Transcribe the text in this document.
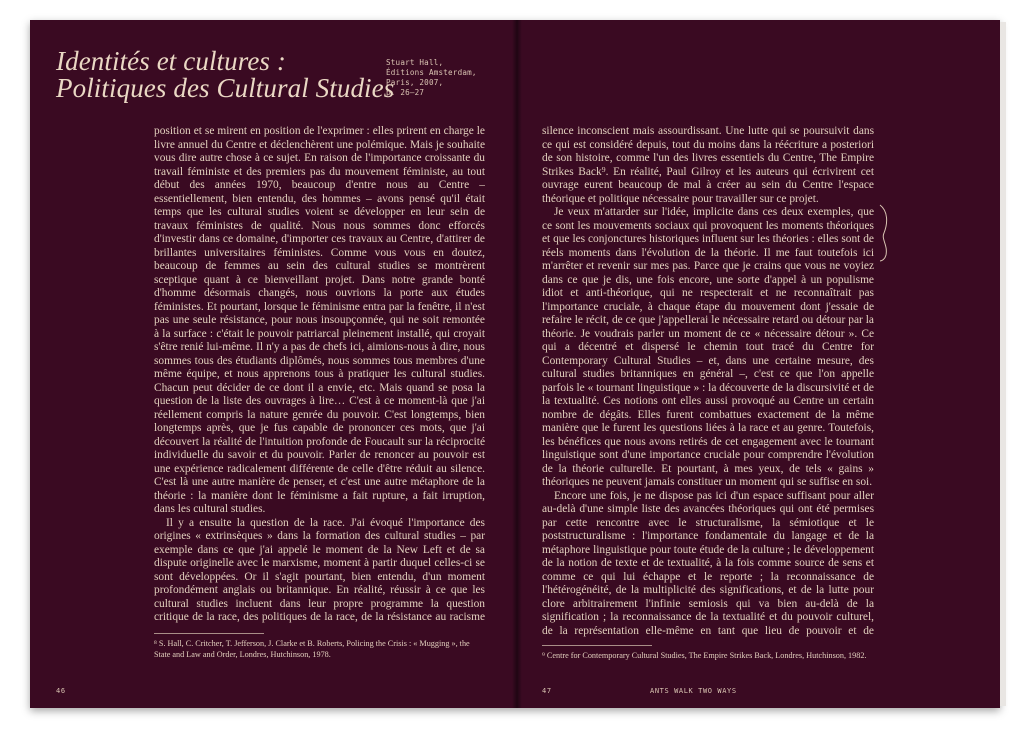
Identités et cultures :
Politiques des Cultural Studies
Stuart Hall,
Éditions Amsterdam,
Paris, 2007,
p. 26–27

position et se mirent en position de l'exprimer : elles prirent en charge le livre annuel du Centre et déclenchèrent une polémique. Mais je souhaite vous dire autre chose à ce sujet. En raison de l'importance croissante du travail féministe et des premiers pas du mouvement féministe, au tout début des années 1970, beaucoup d'entre nous au Centre – essentiellement, bien entendu, des hommes – avons pensé qu'il était temps que les cultural studies voient se développer en leur sein de travaux féministes de qualité. Nous nous sommes donc efforcés d'investir dans ce domaine, d'importer ces travaux au Centre, d'attirer de brillantes universitaires féministes. Comme vous vous en doutez, beaucoup de femmes au sein des cultural studies se montrèrent sceptique quant à ce bienveillant projet. Dans notre grande bonté d'homme désormais changés, nous ouvrions la porte aux études féministes. Et pourtant, lorsque le féminisme entra par la fenêtre, il n'est pas une seule résistance, pour nous insoupçonnée, qui ne soit remontée à la surface : c'était le pouvoir patriarcal pleinement installé, qui croyait s'être renié lui-même. Il n'y a pas de chefs ici, aimions-nous à dire, nous sommes tous des étudiants diplômés, nous sommes tous membres d'une même équipe, et nous apprenons tous à pratiquer les cultural studies. Chacun peut décider de ce dont il a envie, etc. Mais quand se posa la question de la liste des ouvrages à lire… C'est à ce moment-là que j'ai réellement compris la nature genrée du pouvoir. C'est longtemps, bien longtemps après, que je fus capable de prononcer ces mots, que j'ai découvert la réalité de l'intuition profonde de Foucault sur la réciprocité individuelle du savoir et du pouvoir. Parler de renoncer au pouvoir est une expérience radicalement différente de celle d'être réduit au silence. C'est là une autre manière de penser, et c'est une autre métaphore de la théorie : la manière dont le féminisme a fait rupture, a fait irruption, dans les cultural studies.

Il y a ensuite la question de la race. J'ai évoqué l'importance des origines « extrinsèques » dans la formation des cultural studies – par exemple dans ce que j'ai appelé le moment de la New Left et de sa dispute originelle avec le marxisme, moment à partir duquel celles-ci se sont développées. Or il s'agit pourtant, bien entendu, d'un moment profondément anglais ou britannique. En réalité, réussir à ce que les cultural studies incluent dans leur propre programme la question critique de la race, des politiques de la race, de la résistance au racisme

⁸ S. Hall, C. Critcher, T. Jefferson, J. Clarke et B. Roberts, Policing the Crisis : « Mugging », the State and Law and Order, Londres, Hutchinson, 1978.
46

silence inconscient mais assourdissant. Une lutte qui se poursuivit dans ce qui est considéré depuis, tout du moins dans la réécriture a posteriori de son histoire, comme l'un des livres essentiels du Centre, The Empire Strikes Back⁹. En réalité, Paul Gilroy et les auteurs qui écrivirent cet ouvrage eurent beaucoup de mal à créer au sein du Centre l'espace théorique et politique nécessaire pour travailler sur ce projet.

Je veux m'attarder sur l'idée, implicite dans ces deux exemples, que ce sont les mouvements sociaux qui provoquent les moments théoriques et que les conjonctures historiques influent sur les théories : elles sont de réels moments dans l'évolution de la théorie. Il me faut toutefois ici m'arrêter et revenir sur mes pas. Parce que je crains que vous ne voyiez dans ce que je dis, une fois encore, une sorte d'appel à un populisme idiot et anti-théorique, qui ne respecterait et ne reconnaîtrait pas l'importance cruciale, à chaque étape du mouvement dont j'essaie de refaire le récit, de ce que j'appellerai le nécessaire retard ou détour par la théorie. Je voudrais parler un moment de ce « nécessaire détour ». Ce qui a décentré et dispersé le chemin tout tracé du Centre for Contemporary Cultural Studies – et, dans une certaine mesure, des cultural studies britanniques en général –, c'est ce que l'on appelle parfois le « tournant linguistique » : la découverte de la discursivité et de la textualité. Ces notions ont elles aussi provoqué au Centre un certain nombre de dégâts. Elles furent combattues exactement de la même manière que le furent les questions liées à la race et au genre. Toutefois, les bénéfices que nous avons retirés de cet engagement avec le tournant linguistique sont d'une importance cruciale pour comprendre l'évolution de la théorie culturelle. Et pourtant, à mes yeux, de tels « gains » théoriques ne peuvent jamais constituer un moment qui se suffise en soi.

Encore une fois, je ne dispose pas ici d'un espace suffisant pour aller au-delà d'une simple liste des avancées théoriques qui ont été permises par cette rencontre avec le structuralisme, la sémiotique et le poststructuralisme : l'importance fondamentale du langage et de la métaphore linguistique pour toute étude de la culture ; le développement de la notion de texte et de textualité, à la fois comme source de sens et comme ce qui lui échappe et le reporte ; la reconnaissance de l'hétérogénéité, de la multiplicité des significations, et de la lutte pour clore arbitrairement l'infinie semiosis qui va bien au-delà de la signification ; la reconnaissance de la textualité et du pouvoir culturel, de la représentation elle-même en tant que lieu de pouvoir et de

⁹ Centre for Contemporary Cultural Studies, The Empire Strikes Back, Londres, Hutchinson, 1982.
47	ANTS WALK TWO WAYS
